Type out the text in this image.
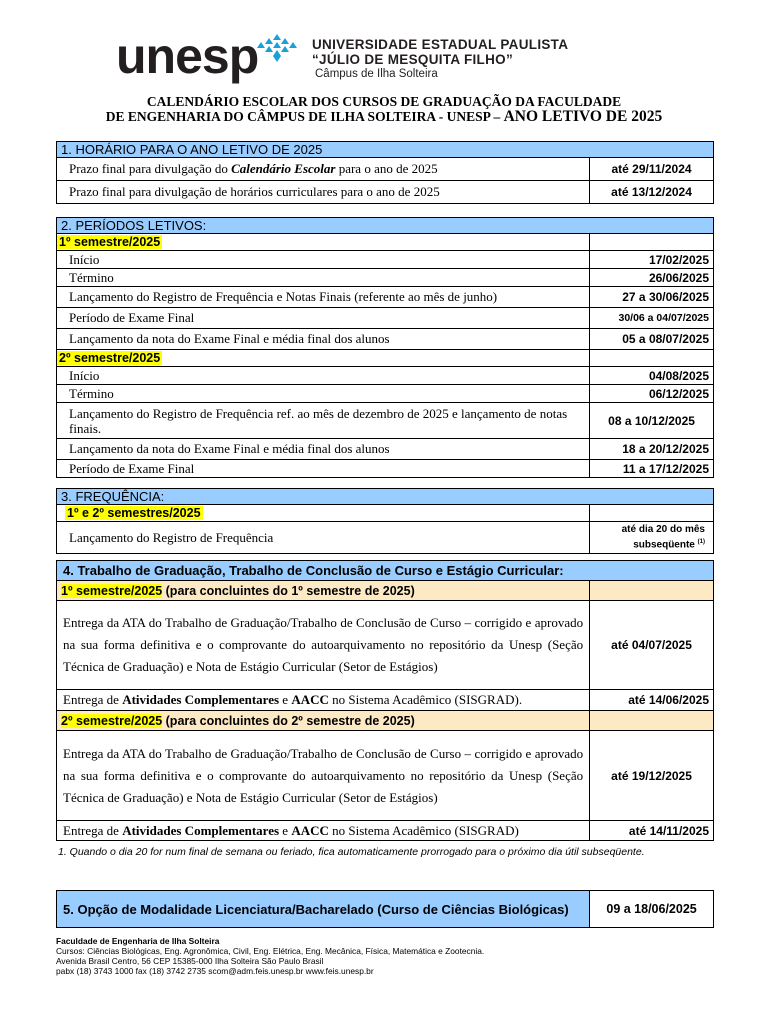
unesp	UNIVERSIDADE ESTADUAL PAULISTA
“JÚLIO DE MESQUITA FILHO”
Câmpus de Ilha Solteira
CALENDÁRIO ESCOLAR DOS CURSOS DE GRADUAÇÃO DA FACULDADE
DE ENGENHARIA DO CÂMPUS DE ILHA SOLTEIRA - UNESP – ANO LETIVO DE 2025
1. HORÁRIO PARA O ANO LETIVO DE 2025	
Prazo final para divulgação do Calendário Escolar para o ano de 2025	até 29/11/2024
Prazo final para divulgação de horários curriculares para o ano de 2025	até 13/12/2024
2. PERÍODOS LETIVOS:	
1º semestre/2025	
Início	17/02/2025
Término	26/06/2025
Lançamento do Registro de Frequência e Notas Finais (referente ao mês de junho)	27 a 30/06/2025
Período de Exame Final	30/06 a 04/07/2025
Lançamento da nota do Exame Final e média final dos alunos	05 a 08/07/2025
2º semestre/2025	
Início	04/08/2025
Término	06/12/2025
Lançamento do Registro de Frequência ref. ao mês de dezembro de 2025 e lançamento de notas finais.	08 a 10/12/2025
Lançamento da nota do Exame Final e média final dos alunos	18 a 20/12/2025
Período de Exame Final	11 a 17/12/2025
3. FREQUÊNCIA:	
1º e 2º semestres/2025	
Lançamento do Registro de Frequência	até dia 20 do mês
subseqüente $^{(1)}$
4. Trabalho de Graduação, Trabalho de Conclusão de Curso e Estágio Curricular:	
1º semestre/2025 (para concluintes do 1º semestre de 2025)	
Entrega da ATA do Trabalho de Graduação/Trabalho de Conclusão de Curso – corrigido e aprovado na sua forma definitiva e o comprovante do autoarquivamento no repositório da Unesp (Seção Técnica de Graduação) e Nota de Estágio Curricular (Setor de Estágios)	até 04/07/2025
Entrega de Atividades Complementares e AACC no Sistema Acadêmico (SISGRAD).	até 14/06/2025
2º semestre/2025 (para concluintes do 2º semestre de 2025)	
Entrega da ATA do Trabalho de Graduação/Trabalho de Conclusão de Curso – corrigido e aprovado na sua forma definitiva e o comprovante do autoarquivamento no repositório da Unesp (Seção Técnica de Graduação) e Nota de Estágio Curricular (Setor de Estágios)	até 19/12/2025
Entrega de Atividades Complementares e AACC no Sistema Acadêmico (SISGRAD)	até 14/11/2025
1. Quando o dia 20 for num final de semana ou feriado, fica automaticamente prorrogado para o próximo dia útil subseqüente.
5. Opção de Modalidade Licenciatura/Bacharelado (Curso de Ciências Biológicas)	09 a 18/06/2025
Faculdade de Engenharia de Ilha Solteira
Cursos: Ciências Biológicas, Eng. Agronômica, Civil, Eng. Elétrica, Eng. Mecânica, Física, Matemática e Zootecnia.
Avenida Brasil Centro, 56 CEP 15385-000 Ilha Solteira São Paulo Brasil
pabx (18) 3743 1000 fax (18) 3742 2735 scom@adm.feis.unesp.br www.feis.unesp.br
